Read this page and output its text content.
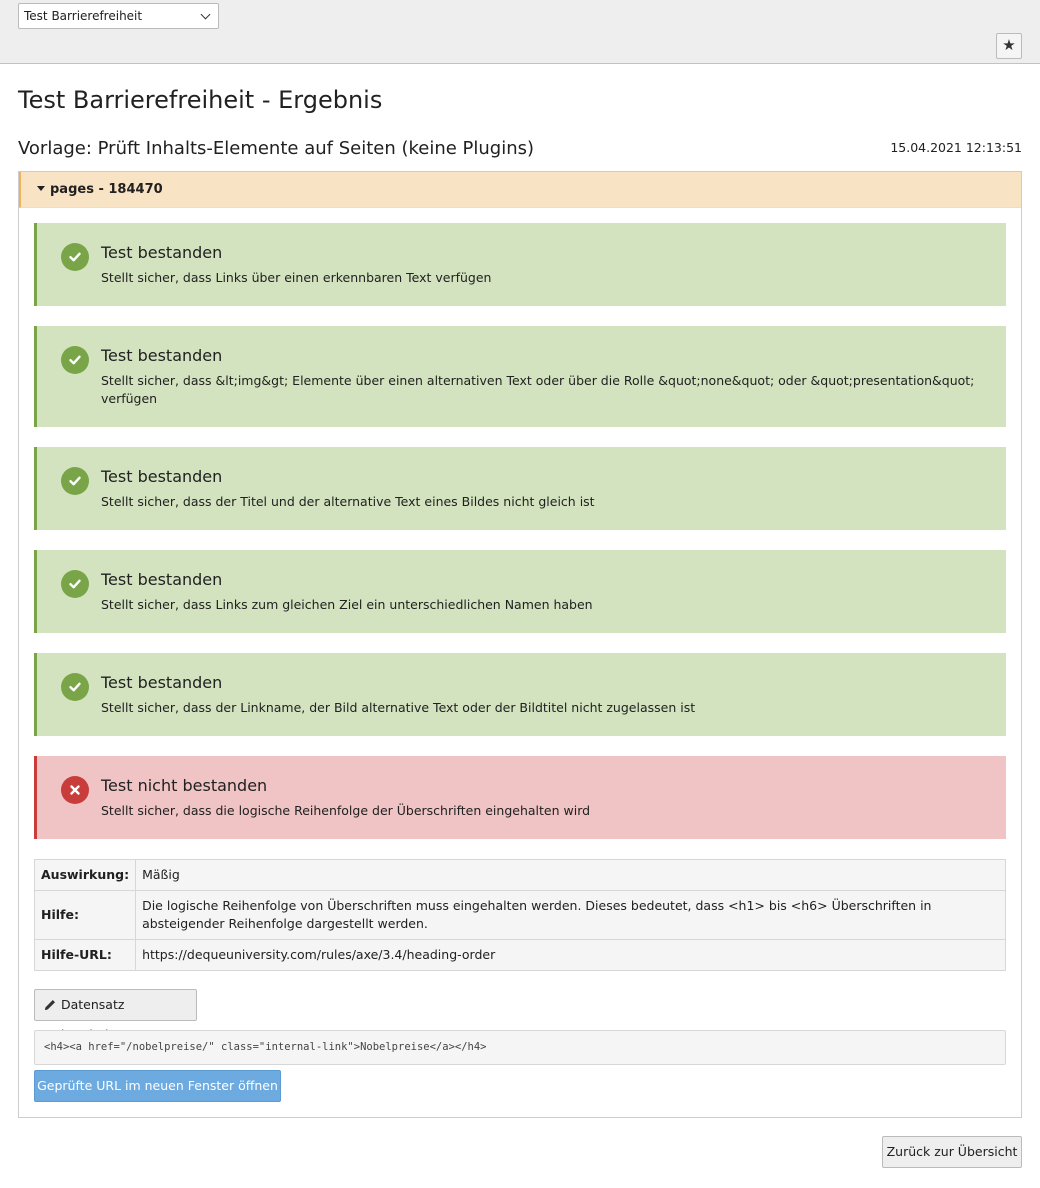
Test Barrierefreiheit
★
Test Barrierefreiheit - Ergebnis
Vorlage: Prüft Inhalts-Elemente auf Seiten (keine Plugins)	15.04.2021 12:13:51
pages - 184470
Test bestanden
Stellt sicher, dass Links über einen erkennbaren Text verfügen
Test bestanden
Stellt sicher, dass &lt;img&gt; Elemente über einen alternativen Text oder über die Rolle &quot;none&quot; oder &quot;presentation&quot; verfügen
Test bestanden
Stellt sicher, dass der Titel und der alternative Text eines Bildes nicht gleich ist
Test bestanden
Stellt sicher, dass Links zum gleichen Ziel ein unterschiedlichen Namen haben
Test bestanden
Stellt sicher, dass der Linkname, der Bild alternative Text oder der Bildtitel nicht zugelassen ist
Test nicht bestanden
Stellt sicher, dass die logische Reihenfolge der Überschriften eingehalten wird
Auswirkung:	Mäßig
Hilfe:	Die logische Reihenfolge von Überschriften muss eingehalten werden. Dieses bedeutet, dass <h1> bis <h6> Überschriften in absteigender Reihenfolge dargestellt werden.
Hilfe-URL:	https://dequeuniversity.com/rules/axe/3.4/heading-order
Datensatz
<h4><a href="/nobelpreise/" class="internal-link">Nobelpreise</a></h4>
Geprüfte URL im neuen Fenster öffnen
Zurück zur Übersicht
